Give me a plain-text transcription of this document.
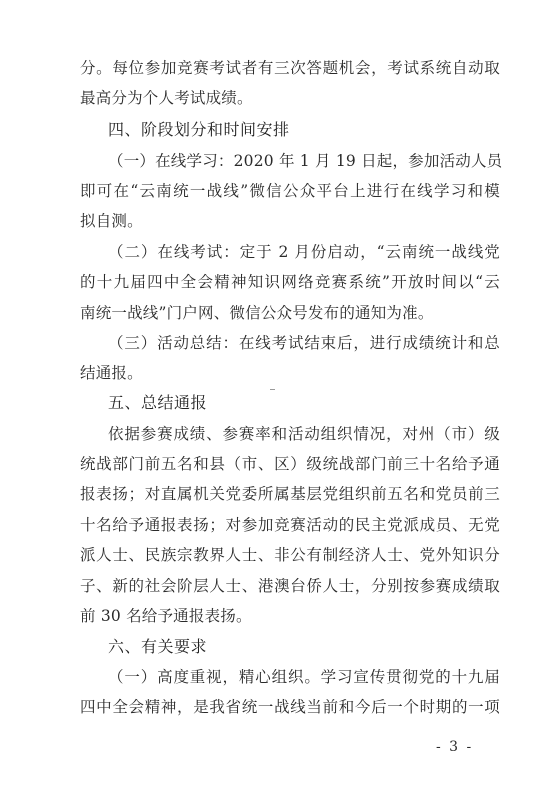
分。每位参加竞赛考试者有三次答题机会，考试系统自动取
最高分为个人考试成绩。
四、阶段划分和时间安排
（一）在线学习：2020 年 1 月 19 日起，参加活动人员
即可在“云南统一战线”微信公众平台上进行在线学习和模
拟自测。
（二）在线考试：定于 2 月份启动，“云南统一战线党
的十九届四中全会精神知识网络竞赛系统”开放时间以“云
南统一战线”门户网、微信公众号发布的通知为准。
（三）活动总结：在线考试结束后，进行成绩统计和总
结通报。
五、总结通报
依据参赛成绩、参赛率和活动组织情况，对州（市）级
统战部门前五名和县（市、区）级统战部门前三十名给予通
报表扬；对直属机关党委所属基层党组织前五名和党员前三
十名给予通报表扬；对参加竞赛活动的民主党派成员、无党
派人士、民族宗教界人士、非公有制经济人士、党外知识分
子、新的社会阶层人士、港澳台侨人士，分别按参赛成绩取
前 30 名给予通报表扬。
六、有关要求
（一）高度重视，精心组织。学习宣传贯彻党的十九届
四中全会精神，是我省统一战线当前和今后一个时期的一项
- 3 -
